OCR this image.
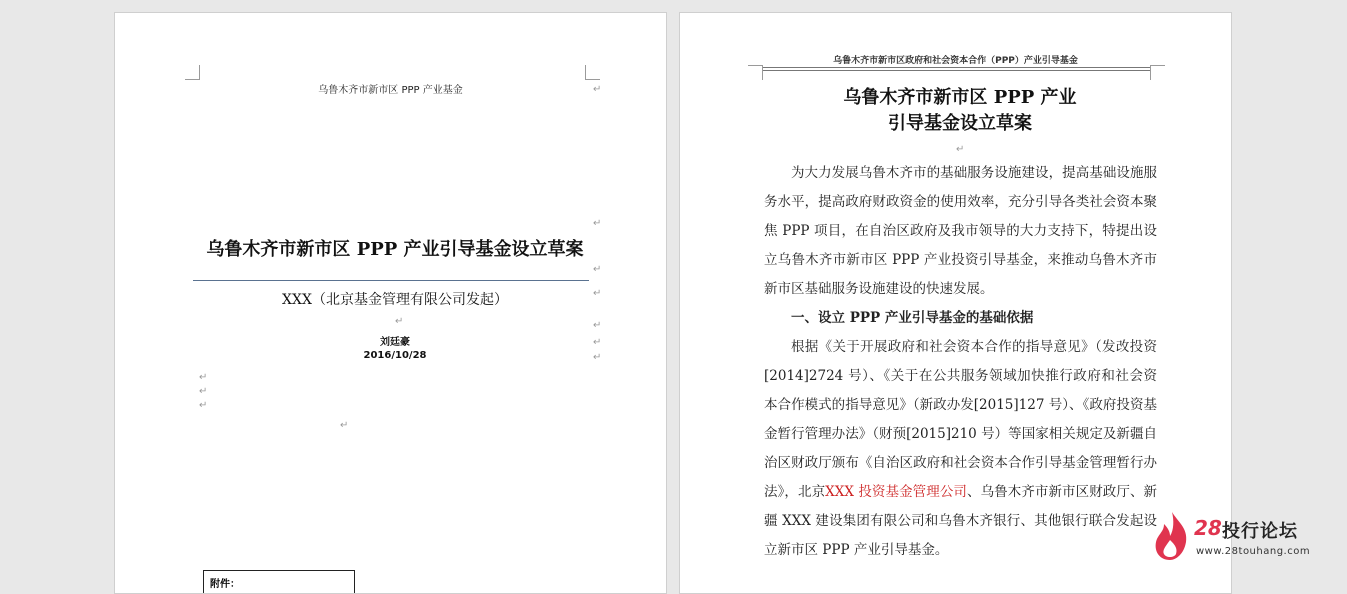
乌鲁木齐市新市区 PPP 产业基金	↵
↵
↵
↵
↵
↵
↵
↵
↵
↵
↵
↵
乌鲁木齐市新市区 PPP 产业引导基金设立草案
XXX（北京基金管理有限公司发起）
刘廷豪
2016/10/28
附件：
乌鲁木齐市新市区政府和社会资本合作（PPP）产业引导基金
乌鲁木齐市新市区 PPP 产业
引导基金设立草案
↵

为大力发展乌鲁木齐市的基础服务设施建设，提高基础设施服务水平，提高政府财政资金的使用效率，充分引导各类社会资本聚焦 PPP 项目，在自治区政府及我市领导的大力支持下，特提出设立乌鲁木齐市新市区 PPP 产业投资引导基金，来推动乌鲁木齐市新市区基础服务设施建设的快速发展。

一、设立 PPP 产业引导基金的基础依据

根据《关于开展政府和社会资本合作的指导意见》（发改投资[2014]2724 号）、《关于在公共服务领域加快推行政府和社会资本合作模式的指导意见》（新政办发[2015]127 号）、《政府投资基金暂行管理办法》（财预[2015]210 号）等国家相关规定及新疆自治区财政厅颁布《自治区政府和社会资本合作引导基金管理暂行办法》，北京XXX 投资基金管理公司、乌鲁木齐市新市区财政厅、新疆 XXX 建设集团有限公司和乌鲁木齐银行、其他银行联合发起设立新市区 PPP 产业引导基金。

28 投行论坛
www.28touhang.com
